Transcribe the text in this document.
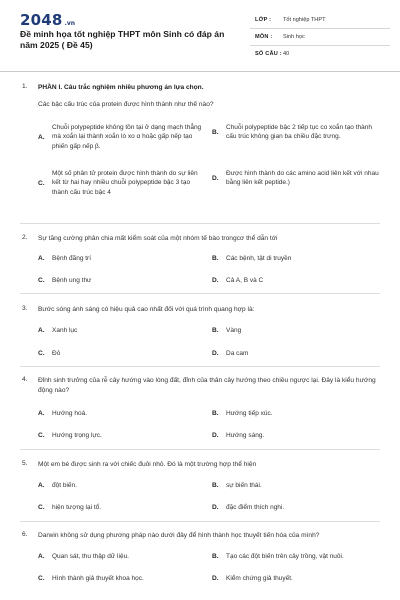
2048 .vn
Đề minh họa tốt nghiệp THPT môn Sinh có đáp án năm 2025 ( Đề 45)
LỚP : Tốt nghiệp THPT
MÔN : Sinh học
SỐ CÂU : 40
1. PHẦN I. Câu trắc nghiệm nhiều phương án lựa chọn.
Các bậc cấu trúc của protein được hình thành như thế nào?
A.
Chuỗi polypeptide không tồn tại ở dạng mạch thẳng mà xoắn lại thành xoắn lò xo α hoặc gấp nếp tạo phiến gấp nếp β.
B.
Chuỗi polypeptide bậc 2 tiếp tục co xoắn tạo thành cấu trúc không gian ba chiều đặc trưng.
C.
Một số phân tử protein được hình thành do sự liên kết từ hai hay nhiều chuỗi polypeptide bậc 3 tạo thành cấu trúc bậc 4
D.
Được hình thành do các amino acid liên kết với nhau bằng liên kết peptide.)
2. Sự tăng cường phân chia mất kiểm soát của một nhóm tế bào trongcơ thể dẫn tới
A.	Bệnh đãng trí	B.	Các bệnh, tật di truyền
C.	Bệnh ung thư	D.	Cả A, B và C
3. Bước sóng ánh sáng có hiệu quả cao nhất đối với quá trình quang hợp là:
A.	Xanh lục	B.	Vàng
C.	Đỏ	D.	Da cam
4. Đỉnh sinh trưởng của rễ cây hướng vào lòng đất, đỉnh của thân cây hướng theo chiều ngược lại. Đây là kiểu hướng động nào?
A.	Hướng hoá.	B.	Hướng tiếp xúc.
C.	Hướng trọng lực.	D.	Hướng sáng.
5. Một em bé được sinh ra với chiếc đuôi nhỏ. Đó là một trường hợp thể hiện
A.	đột biến.	B.	sự biến thái.
C.	hiện tượng lại tổ.	D.	đặc điểm thích nghi.
6. Darwin không sử dụng phương pháp nào dưới đây để hình thành học thuyết tiến hóa của mình?
A.	Quan sát, thu thập dữ liệu.	B.	Tạo các đột biến trên cây trồng, vật nuôi.
C.	Hình thành giả thuyết khoa học.	D.	Kiểm chứng giả thuyết.
